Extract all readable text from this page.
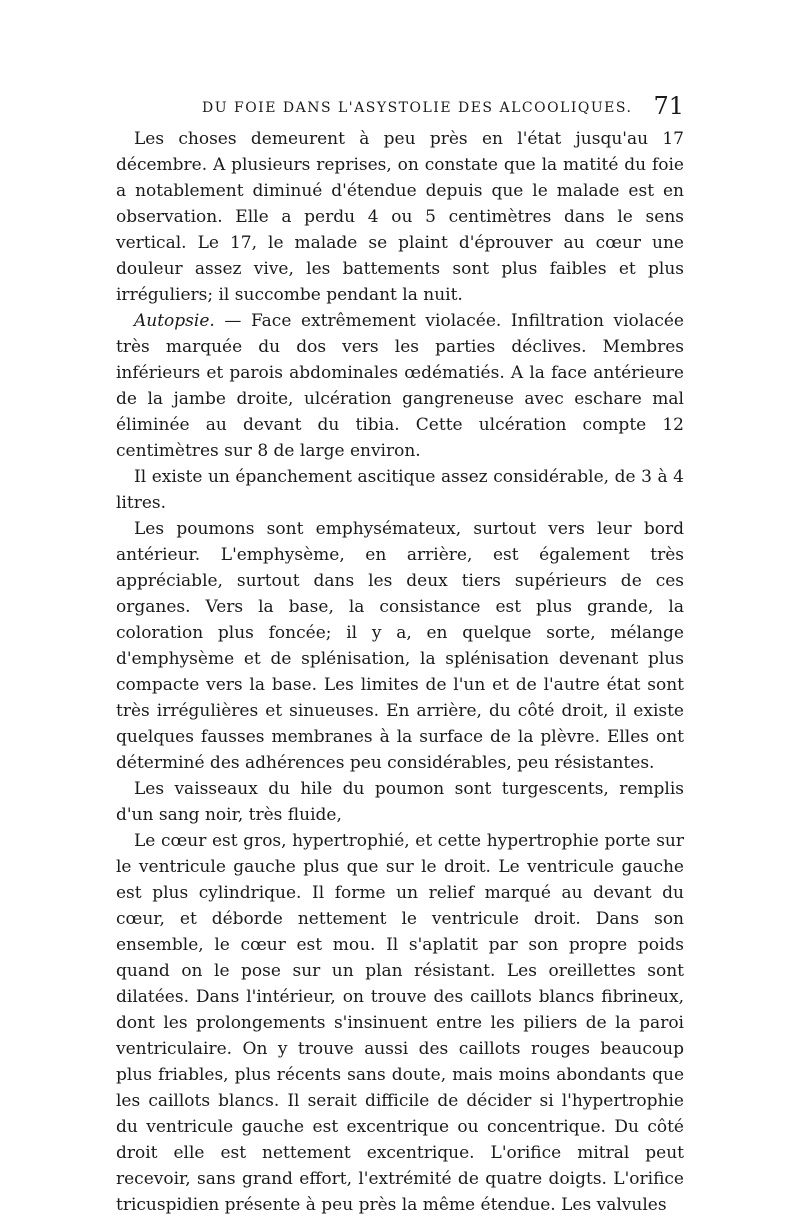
DU FOIE DANS L'ASYSTOLIE DES ALCOOLIQUES. 71

Les choses demeurent à peu près en l'état jusqu'au 17 décembre. A plusieurs reprises, on constate que la matité du foie a notablement diminué d'étendue depuis que le malade est en observation. Elle a perdu 4 ou 5 centimètres dans le sens vertical. Le 17, le malade se plaint d'éprouver au cœur une douleur assez vive, les battements sont plus faibles et plus irréguliers; il succombe pendant la nuit.

Autopsie. — Face extrêmement violacée. Infiltration violacée très marquée du dos vers les parties déclives. Membres inférieurs et parois abdominales œdématiés. A la face antérieure de la jambe droite, ulcération gangreneuse avec eschare mal éliminée au devant du tibia. Cette ulcération compte 12 centimètres sur 8 de large environ.

Il existe un épanchement ascitique assez considérable, de 3 à 4 litres.

Les poumons sont emphysémateux, surtout vers leur bord antérieur. L'emphysème, en arrière, est également très appréciable, surtout dans les deux tiers supérieurs de ces organes. Vers la base, la consistance est plus grande, la coloration plus foncée; il y a, en quelque sorte, mélange d'emphysème et de splénisation, la splénisation devenant plus compacte vers la base. Les limites de l'un et de l'autre état sont très irrégulières et sinueuses. En arrière, du côté droit, il existe quelques fausses membranes à la surface de la plèvre. Elles ont déterminé des adhérences peu considérables, peu résistantes.

Les vaisseaux du hile du poumon sont turgescents, remplis d'un sang noir, très fluide,

Le cœur est gros, hypertrophié, et cette hypertrophie porte sur le ventricule gauche plus que sur le droit. Le ventricule gauche est plus cylindrique. Il forme un relief marqué au devant du cœur, et déborde nettement le ventricule droit. Dans son ensemble, le cœur est mou. Il s'aplatit par son propre poids quand on le pose sur un plan résistant. Les oreillettes sont dilatées. Dans l'intérieur, on trouve des caillots blancs fibrineux, dont les prolongements s'insinuent entre les piliers de la paroi ventriculaire. On y trouve aussi des caillots rouges beaucoup plus friables, plus récents sans doute, mais moins abondants que les caillots blancs. Il serait difficile de décider si l'hypertrophie du ventricule gauche est excentrique ou concentrique. Du côté droit elle est nettement excentrique. L'orifice mitral peut recevoir, sans grand effort, l'extrémité de quatre doigts. L'orifice tricuspidien présente à peu près la même étendue. Les valvules
